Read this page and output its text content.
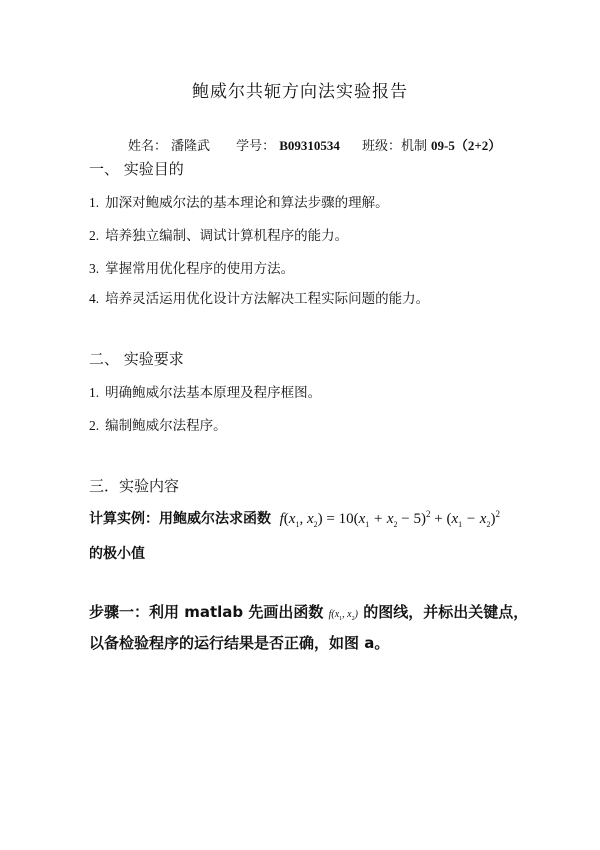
鲍威尔共轭方向法实验报告
姓名： 潘隆武 学号： B09310534 班级：机制 09-5（2+2）
一、 实验目的
1. 加深对鲍威尔法的基本理论和算法步骤的理解。
2. 培养独立编制、调试计算机程序的能力。
3. 掌握常用优化程序的使用方法。
4. 培养灵活运用优化设计方法解决工程实际问题的能力。
二、 实验要求
1. 明确鲍威尔法基本原理及程序框图。
2. 编制鲍威尔法程序。
三．实验内容
计算实例：用鲍威尔法求函数  $f(x_1$, $x_2) = 10(x_1 + x_2 - 5)^2 + (x_1 - x_2)^2$
的极小值
步骤一：利用 matlab 先画出函数 $f(x_1$, $x_2$) 的图线，并标出关键点，
以备检验程序的运行结果是否正确，如图 a。
